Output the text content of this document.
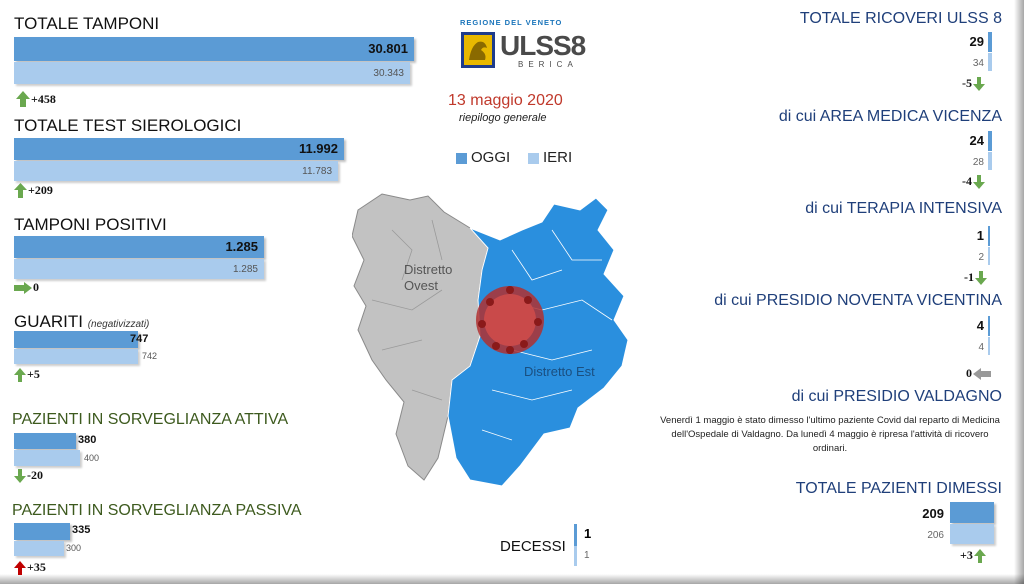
TOTALE TAMPONI
30.801
30.343
+458
TOTALE TEST SIEROLOGICI
11.992
11.783
+209
TAMPONI POSITIVI
1.285
1.285
0
GUARITI (negativizzati)
747
742
+5
PAZIENTI IN SORVEGLIANZA ATTIVA
380
400
-20
PAZIENTI IN SORVEGLIANZA PASSIVA
335
300
+35
REGIONE DEL VENETO
ULSS8
BERICA
13 maggio 2020
riepilogo generale
OGGI IERI
Distretto Ovest
Distretto Est
DECESSI
1
1
TOTALE RICOVERI ULSS 8
29
34
-5
di cui AREA MEDICA VICENZA
24
28
-4
di cui TERAPIA INTENSIVA
1
2
-1
di cui PRESIDIO NOVENTA VICENTINA
4
4
0
di cui PRESIDIO VALDAGNO
Venerdì 1 maggio è stato dimesso l'ultimo paziente Covid dal reparto di Medicina dell'Ospedale di Valdagno. Da lunedì 4 maggio è ripresa l'attività di ricovero ordinari.
TOTALE PAZIENTI DIMESSI
209
206
+3
